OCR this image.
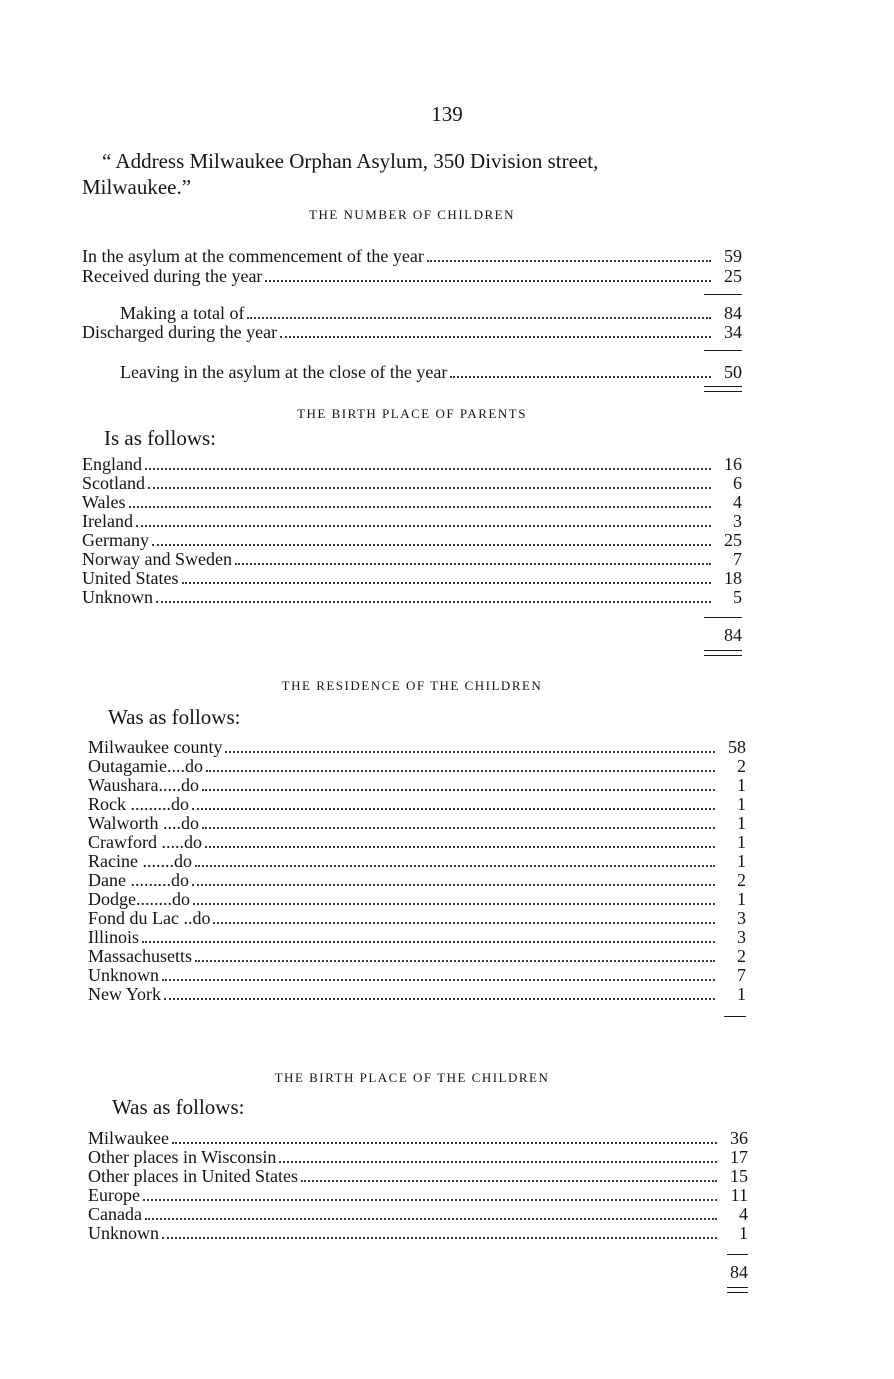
139
“ Address Milwaukee Orphan Asylum, 350 Division street,
Milwaukee.”
THE NUMBER OF CHILDREN
In the asylum at the commencement of the year	59
Received during the year	25
Making a total of	84
Discharged during the year	34
Leaving in the asylum at the close of the year	50
THE BIRTH PLACE OF PARENTS
Is as follows:
England	16
Scotland	6
Wales	4
Ireland	3
Germany	25
Norway and Sweden	7
United States	18
Unknown	5
84
THE RESIDENCE OF THE CHILDREN
Was as follows:
Milwaukee county	58
Outagamie....do	2
Waushara.....do	1
Rock .........do	1
Walworth ....do	1
Crawford .....do	1
Racine .......do	1
Dane .........do	2
Dodge........do	1
Fond du Lac ..do	3
Illinois	3
Massachusetts	2
Unknown	7
New York	1
THE BIRTH PLACE OF THE CHILDREN
Was as follows:
Milwaukee	36
Other places in Wisconsin	17
Other places in United States	15
Europe	11
Canada	4
Unknown	1
84
